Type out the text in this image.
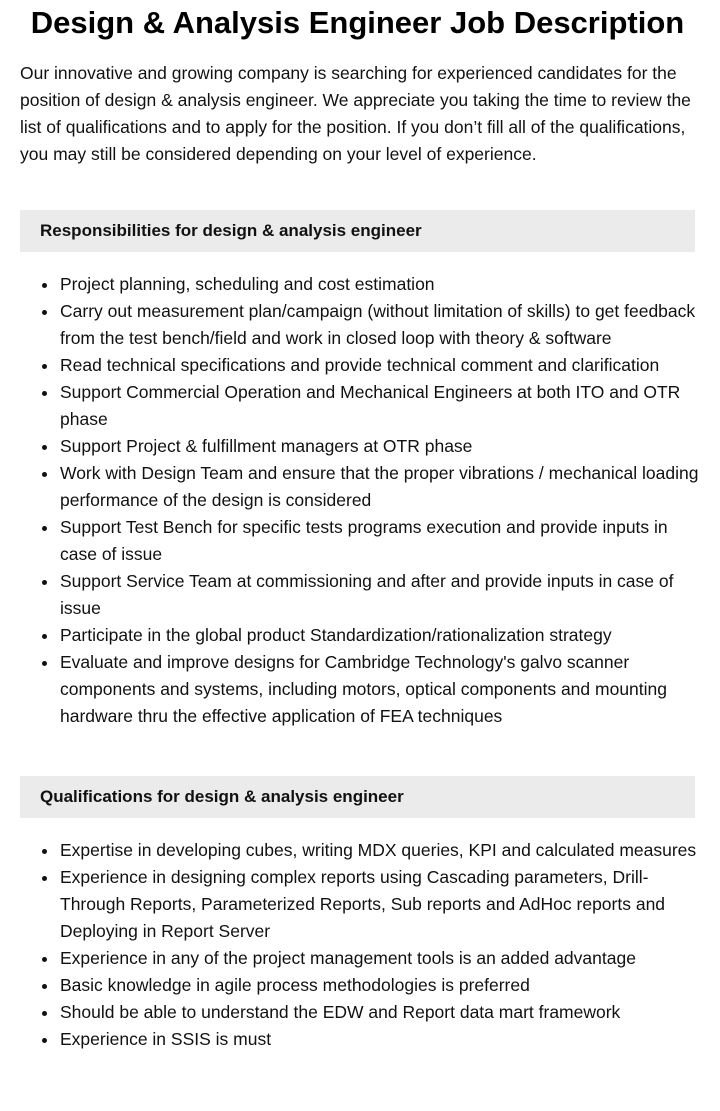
Design & Analysis Engineer Job Description

Our innovative and growing company is searching for experienced candidates for the position of design & analysis engineer. We appreciate you taking the time to review the list of qualifications and to apply for the position. If you don’t fill all of the qualifications, you may still be considered depending on your level of experience.

Responsibilities for design & analysis engineer
Project planning, scheduling and cost estimation
Carry out measurement plan/campaign (without limitation of skills) to get feedback from the test bench/field and work in closed loop with theory & software
Read technical specifications and provide technical comment and clarification
Support Commercial Operation and Mechanical Engineers at both ITO and OTR phase
Support Project & fulfillment managers at OTR phase
Work with Design Team and ensure that the proper vibrations / mechanical loading performance of the design is considered
Support Test Bench for specific tests programs execution and provide inputs in case of issue
Support Service Team at commissioning and after and provide inputs in case of issue
Participate in the global product Standardization/rationalization strategy
Evaluate and improve designs for Cambridge Technology's galvo scanner components and systems, including motors, optical components and mounting hardware thru the effective application of FEA techniques
Qualifications for design & analysis engineer
Expertise in developing cubes, writing MDX queries, KPI and calculated measures
Experience in designing complex reports using Cascading parameters, Drill-Through Reports, Parameterized Reports, Sub reports and AdHoc reports and Deploying in Report Server
Experience in any of the project management tools is an added advantage
Basic knowledge in agile process methodologies is preferred
Should be able to understand the EDW and Report data mart framework
Experience in SSIS is must
